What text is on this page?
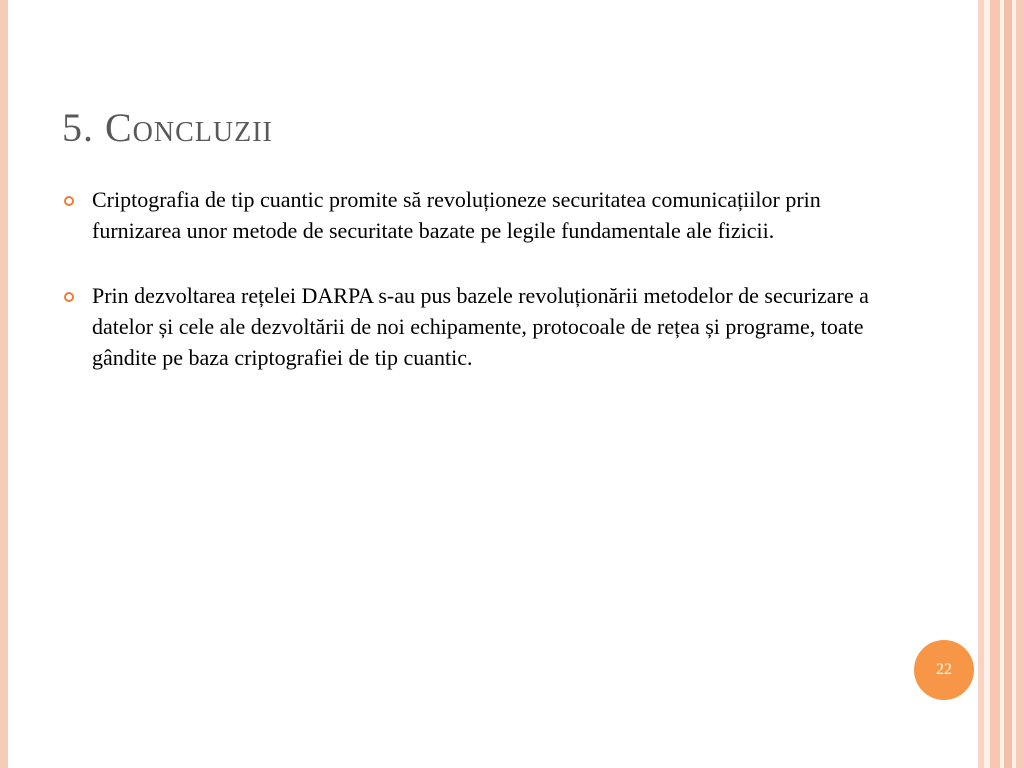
5. Concluzii
Criptografia de tip cuantic promite să revoluționeze securitatea comunicațiilor prin furnizarea unor metode de securitate bazate pe legile fundamentale ale fizicii.
Prin dezvoltarea rețelei DARPA s-au pus bazele revoluționării metodelor de securizare a datelor și cele ale dezvoltării de noi echipamente, protocoale de rețea și programe, toate gândite pe baza criptografiei de tip cuantic.
22
